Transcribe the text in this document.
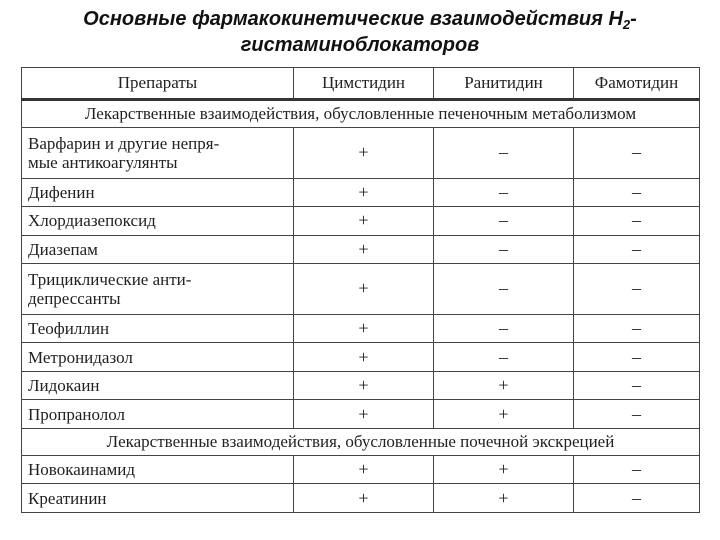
Основные фармакокинетические взаимодействия $Н_2-$
гистаминоблокаторов
Препараты	Цимстидин	Ранитидин	Фамотидин
Лекарственные взаимодействия, обусловленные печеночным метаболизмом			
Варфарин и другие непря-
мые антикоагулянты	+	–	–
Дифенин	+	–	–
Хлордиазепоксид	+	–	–
Диазепам	+	–	–
Трициклические анти-
депрессанты	+	–	–
Теофиллин	+	–	–
Метронидазол	+	–	–
Лидокаин	+	+	–
Пропранолол	+	+	–
Лекарственные взаимодействия, обусловленные почечной экскрецией			
Новокаинамид	+	+	–
Креатинин	+	+	–
